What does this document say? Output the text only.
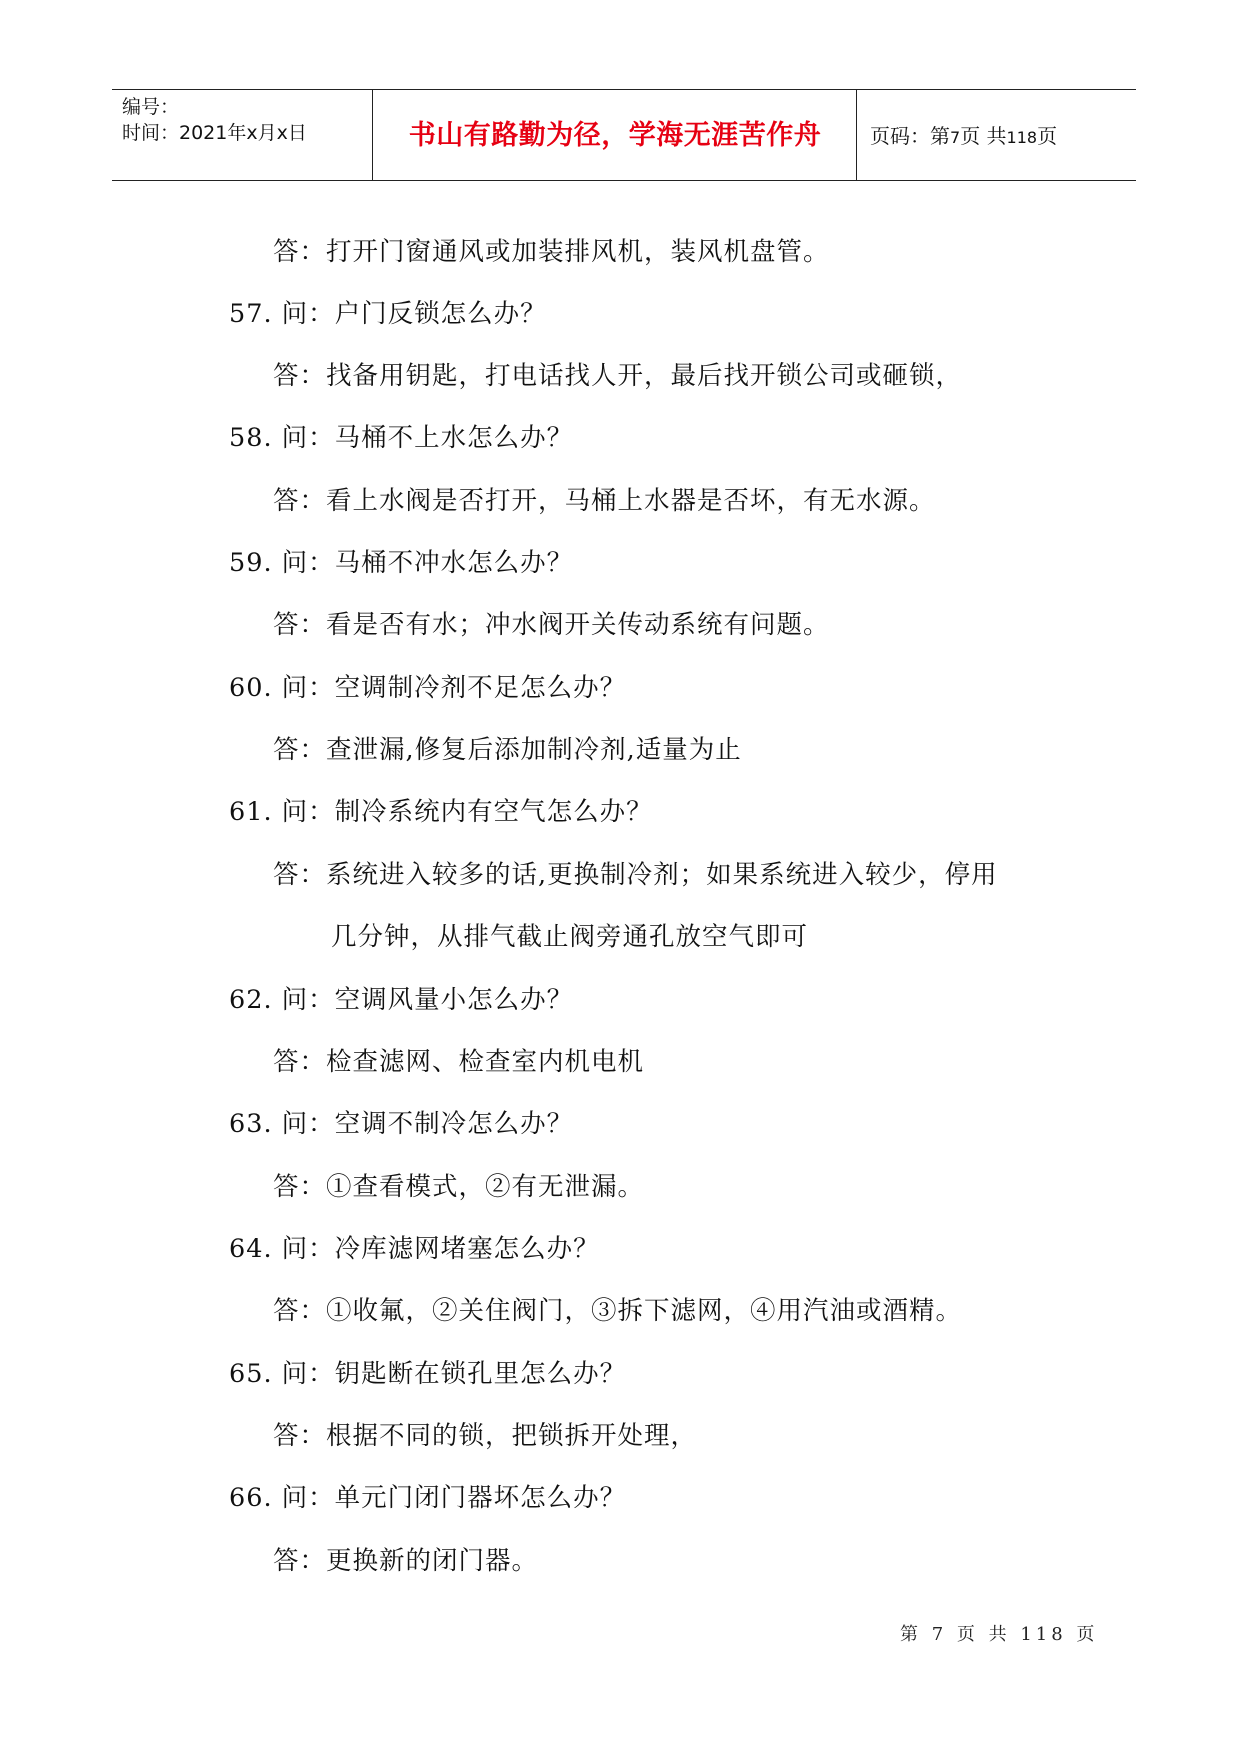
编号：
时间：2021年x月x日	书山有路勤为径，学海无涯苦作舟	页码：第7页 共118页
答：打开门窗通风或加装排风机，装风机盘管。
57. 问：户门反锁怎么办？
答：找备用钥匙，打电话找人开，最后找开锁公司或砸锁，
58. 问：马桶不上水怎么办？
答：看上水阀是否打开，马桶上水器是否坏，有无水源。
59. 问：马桶不冲水怎么办？
答：看是否有水；冲水阀开关传动系统有问题。
60. 问：空调制冷剂不足怎么办？
答：查泄漏,修复后添加制冷剂,适量为止
61. 问：制冷系统内有空气怎么办？
答：系统进入较多的话,更换制冷剂；如果系统进入较少，停用
几分钟，从排气截止阀旁通孔放空气即可
62. 问：空调风量小怎么办？
答：检查滤网、检查室内机电机
63. 问：空调不制冷怎么办？
答：①查看模式，②有无泄漏。
64. 问：冷库滤网堵塞怎么办？
答：①收氟，②关住阀门，③拆下滤网，④用汽油或酒精。
65. 问：钥匙断在锁孔里怎么办？
答：根据不同的锁，把锁拆开处理，
66. 问：单元门闭门器坏怎么办？
答：更换新的闭门器。
第 7 页 共 118 页
